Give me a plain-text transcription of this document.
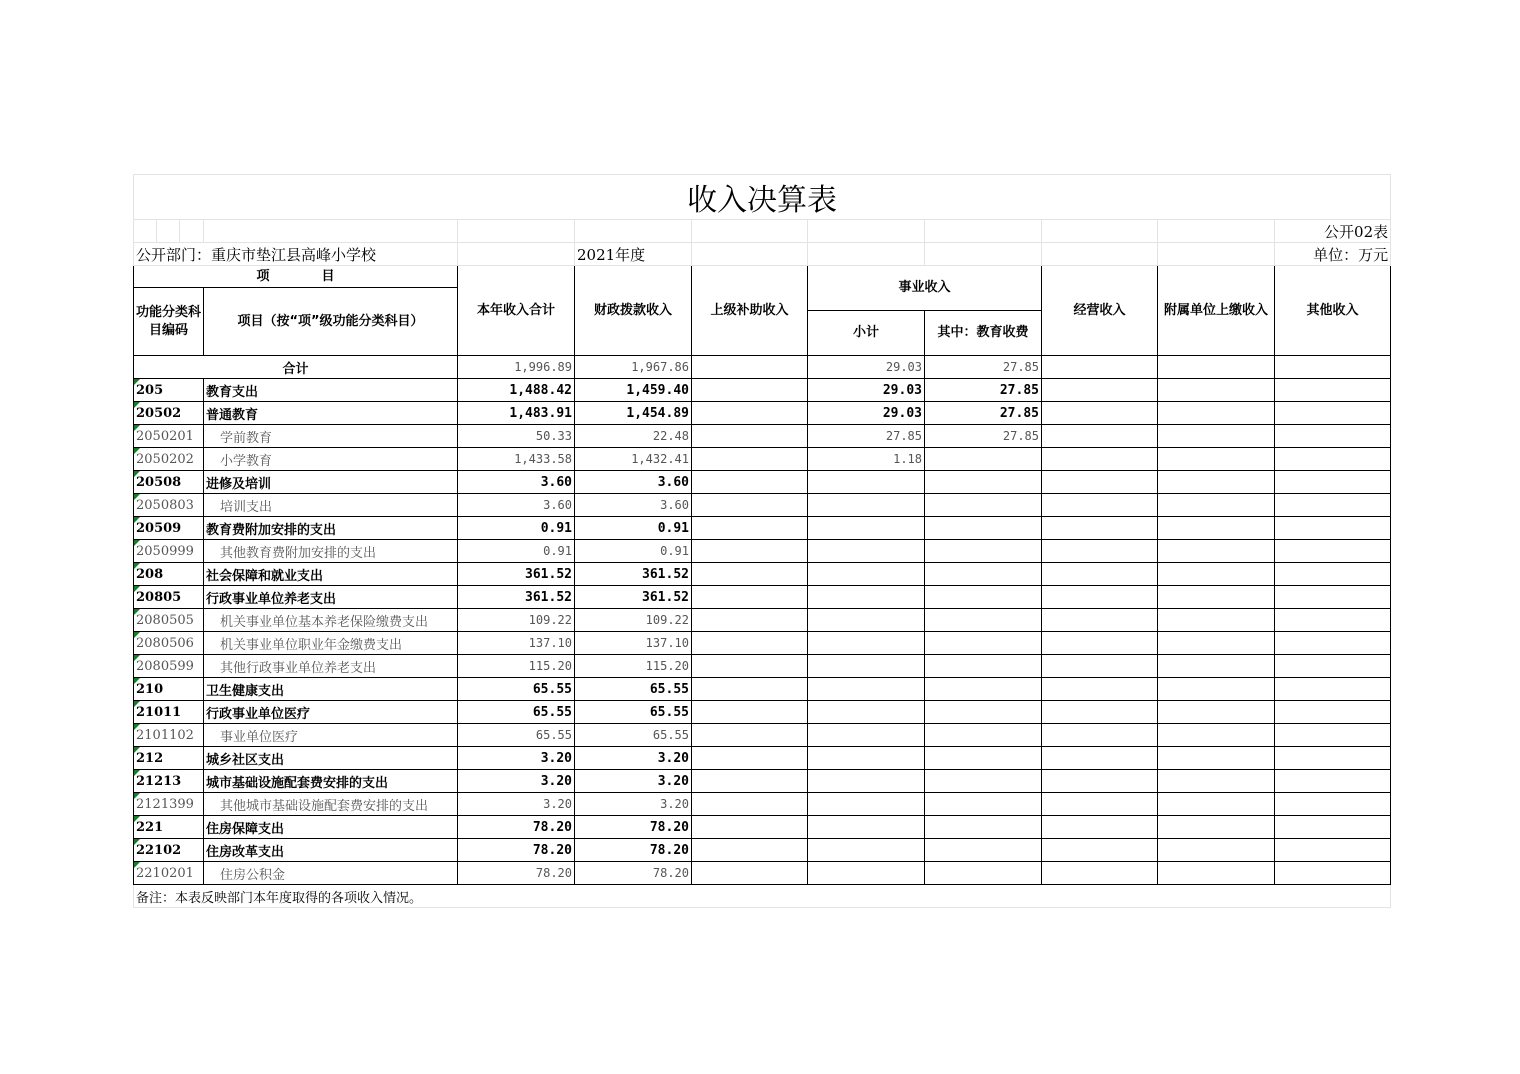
收入决算表											
											公开02表
公开部门：重庆市垫江县高峰小学校					2021年度						单位：万元
项　　　　目				本年收入合计	财政拨款收入	上级补助收入	事业收入		经营收入	附属单位上缴收入	其他收入
功能分类科目编码			项目（按“项”级功能分类科目）								
							小计	其中：教育收费			
合计				1,996.89	1,967.86		29.03	27.85			
205			教育支出	1,488.42	1,459.40		29.03	27.85			
20502			普通教育	1,483.91	1,454.89		29.03	27.85			
2050201			学前教育	50.33	22.48		27.85	27.85			
2050202			小学教育	1,433.58	1,432.41		1.18				
20508			进修及培训	3.60	3.60						
2050803			培训支出	3.60	3.60						
20509			教育费附加安排的支出	0.91	0.91						
2050999			其他教育费附加安排的支出	0.91	0.91						
208			社会保障和就业支出	361.52	361.52						
20805			行政事业单位养老支出	361.52	361.52						
2080505			机关事业单位基本养老保险缴费支出	109.22	109.22						
2080506			机关事业单位职业年金缴费支出	137.10	137.10						
2080599			其他行政事业单位养老支出	115.20	115.20						
210			卫生健康支出	65.55	65.55						
21011			行政事业单位医疗	65.55	65.55						
2101102			事业单位医疗	65.55	65.55						
212			城乡社区支出	3.20	3.20						
21213			城市基础设施配套费安排的支出	3.20	3.20						
2121399			其他城市基础设施配套费安排的支出	3.20	3.20						
221			住房保障支出	78.20	78.20						
22102			住房改革支出	78.20	78.20						
2210201			住房公积金	78.20	78.20						
备注：本表反映部门本年度取得的各项收入情况。											
